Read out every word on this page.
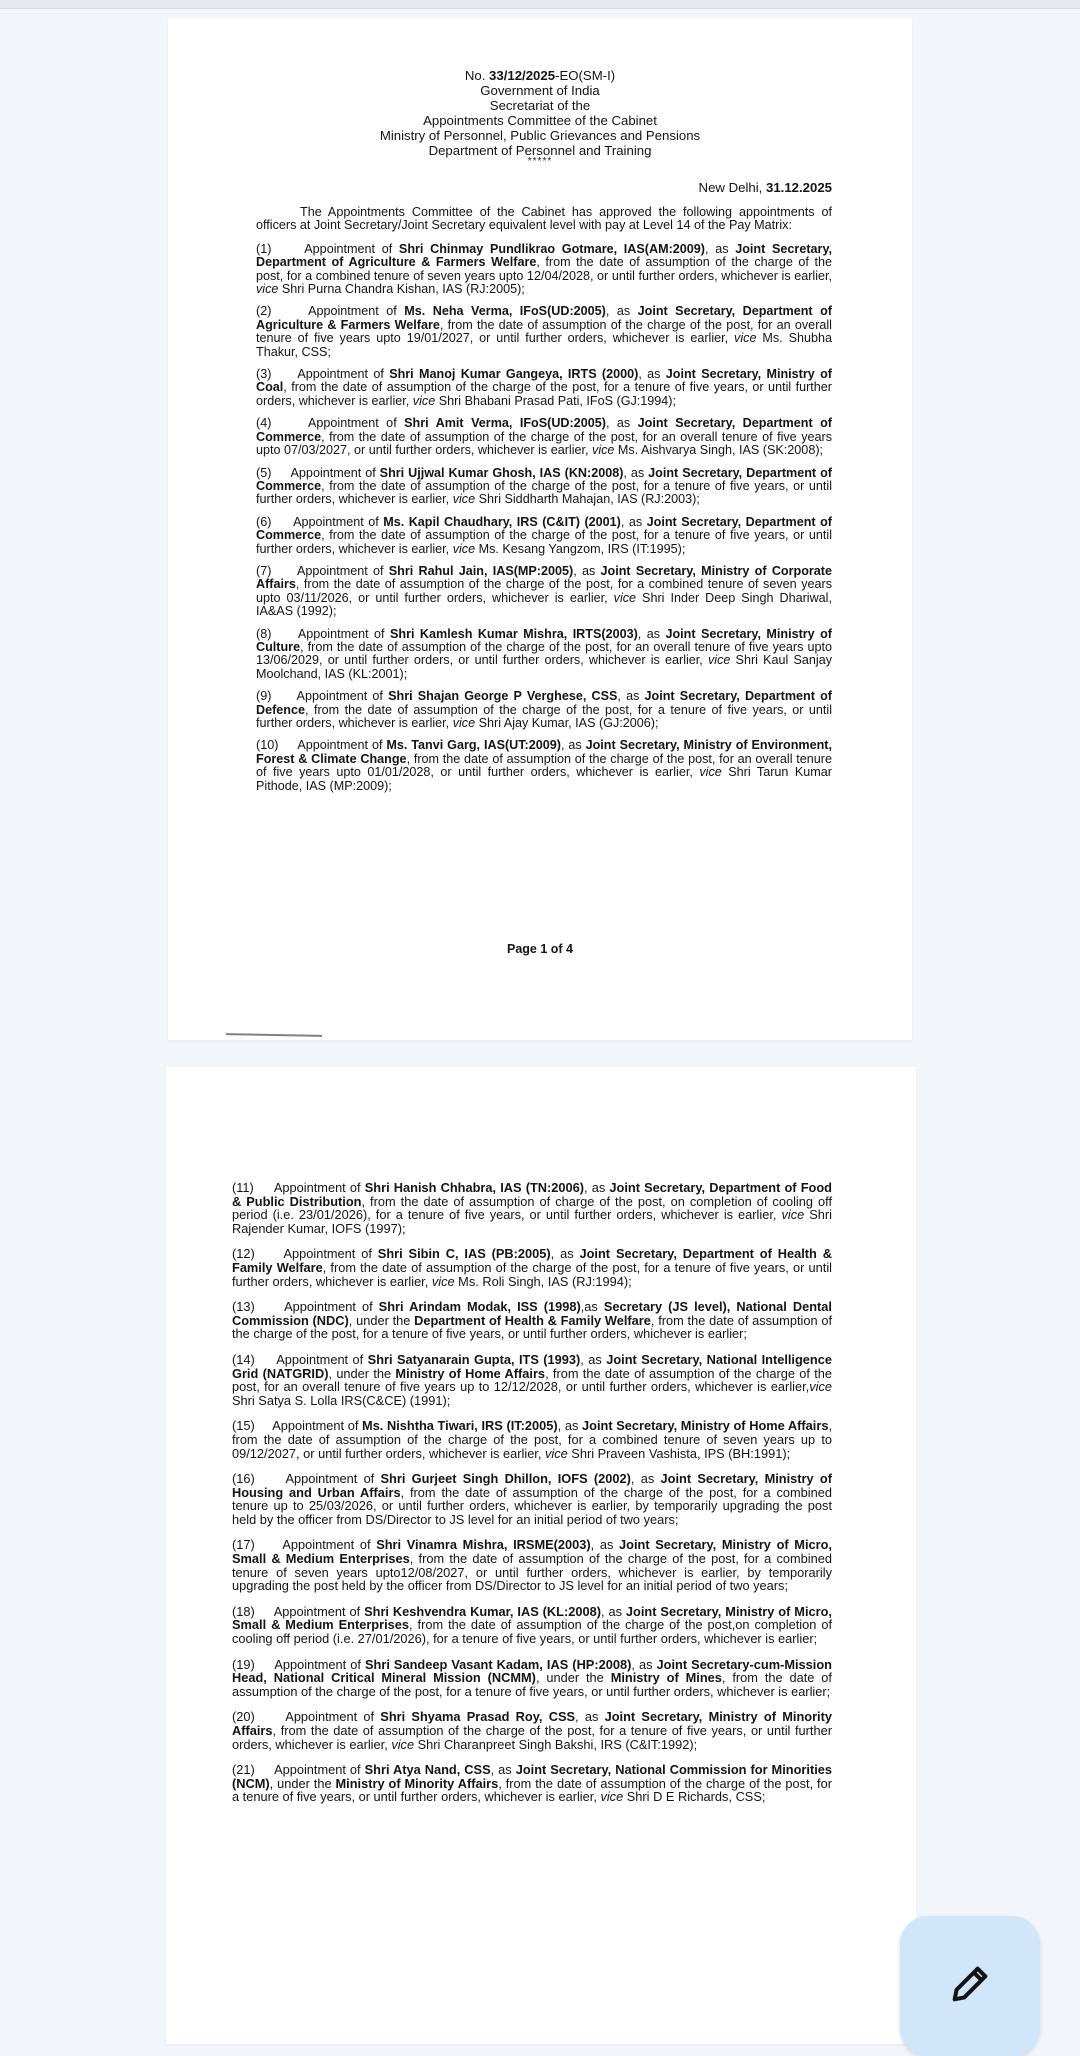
No. 33/12/2025-EO(SM-I)
Government of India
Secretariat of the
Appointments Committee of the Cabinet
Ministry of Personnel, Public Grievances and Pensions
Department of Personnel and Training
*****
New Delhi, 31.12.2025

The Appointments Committee of the Cabinet has approved the following appointments of officers at Joint Secretary/Joint Secretary equivalent level with pay at Level 14 of the Pay Matrix:

(1)	Appointment of Shri Chinmay Pundlikrao Gotmare, IAS(AM:2009), as Joint Secretary, Department of Agriculture & Farmers Welfare, from the date of assumption of the charge of the post, for a combined tenure of seven years upto 12/04/2028, or until further orders, whichever is earlier, vice Shri Purna Chandra Kishan, IAS (RJ:2005);

(2)	Appointment of Ms. Neha Verma, IFoS(UD:2005), as Joint Secretary, Department of Agriculture & Farmers Welfare, from the date of assumption of the charge of the post, for an overall tenure of five years upto 19/01/2027, or until further orders, whichever is earlier, vice Ms. Shubha Thakur, CSS;

(3) Appointment of Shri Manoj Kumar Gangeya, IRTS (2000), as Joint Secretary, Ministry of Coal, from the date of assumption of the charge of the post, for a tenure of five years, or until further orders, whichever is earlier, vice Shri Bhabani Prasad Pati, IFoS (GJ:1994);

(4)	Appointment of Shri Amit Verma, IFoS(UD:2005), as Joint Secretary, Department of Commerce, from the date of assumption of the charge of the post, for an overall tenure of five years upto 07/03/2027, or until further orders, whichever is earlier, vice Ms. Aishvarya Singh, IAS (SK:2008);

(5) Appointment of Shri Ujjwal Kumar Ghosh, IAS (KN:2008), as Joint Secretary, Department of Commerce, from the date of assumption of the charge of the post, for a tenure of five years, or until further orders, whichever is earlier, vice Shri Siddharth Mahajan, IAS (RJ:2003);

(6) Appointment of Ms. Kapil Chaudhary, IRS (C&IT) (2001), as Joint Secretary, Department of Commerce, from the date of assumption of the charge of the post, for a tenure of five years, or until further orders, whichever is earlier, vice Ms. Kesang Yangzom, IRS (IT:1995);

(7) Appointment of Shri Rahul Jain, IAS(MP:2005), as Joint Secretary, Ministry of Corporate Affairs, from the date of assumption of the charge of the post, for a combined tenure of seven years upto 03/11/2026, or until further orders, whichever is earlier, vice Shri Inder Deep Singh Dhariwal, IA&AS (1992);

(8) Appointment of Shri Kamlesh Kumar Mishra, IRTS(2003), as Joint Secretary, Ministry of Culture, from the date of assumption of the charge of the post, for an overall tenure of five years upto 13/06/2029, or until further orders, or until further orders, whichever is earlier, vice Shri Kaul Sanjay Moolchand, IAS (KL:2001);

(9) Appointment of Shri Shajan George P Verghese, CSS, as Joint Secretary, Department of Defence, from the date of assumption of the charge of the post, for a tenure of five years, or until further orders, whichever is earlier, vice Shri Ajay Kumar, IAS (GJ:2006);

(10) Appointment of Ms. Tanvi Garg, IAS(UT:2009), as Joint Secretary, Ministry of Environment, Forest & Climate Change, from the date of assumption of the charge of the post, for an overall tenure of five years upto 01/01/2028, or until further orders, whichever is earlier, vice Shri Tarun Kumar Pithode, IAS (MP:2009);

Page 1 of 4

(11) Appointment of Shri Hanish Chhabra, IAS (TN:2006), as Joint Secretary, Department of Food & Public Distribution, from the date of assumption of charge of the post, on completion of cooling off period (i.e. 23/01/2026), for a tenure of five years, or until further orders, whichever is earlier, vice Shri Rajender Kumar, IOFS (1997);

(12) Appointment of Shri Sibin C, IAS (PB:2005), as Joint Secretary, Department of Health & Family Welfare, from the date of assumption of the charge of the post, for a tenure of five years, or until further orders, whichever is earlier, vice Ms. Roli Singh, IAS (RJ:1994);

(13) Appointment of Shri Arindam Modak, ISS (1998),as Secretary (JS level), National Dental Commission (NDC), under the Department of Health & Family Welfare, from the date of assumption of the charge of the post, for a tenure of five years, or until further orders, whichever is earlier;

(14) Appointment of Shri Satyanarain Gupta, ITS (1993), as Joint Secretary, National Intelligence Grid (NATGRID), under the Ministry of Home Affairs, from the date of assumption of the charge of the post, for an overall tenure of five years up to 12/12/2028, or until further orders, whichever is earlier,vice Shri Satya S. Lolla IRS(C&CE) (1991);

(15) Appointment of Ms. Nishtha Tiwari, IRS (IT:2005), as Joint Secretary, Ministry of Home Affairs, from the date of assumption of the charge of the post, for a combined tenure of seven years up to 09/12/2027, or until further orders, whichever is earlier, vice Shri Praveen Vashista, IPS (BH:1991);

(16) Appointment of Shri Gurjeet Singh Dhillon, IOFS (2002), as Joint Secretary, Ministry of Housing and Urban Affairs, from the date of assumption of the charge of the post, for a combined tenure up to 25/03/2026, or until further orders, whichever is earlier, by temporarily upgrading the post held by the officer from DS/Director to JS level for an initial period of two years;

(17) Appointment of Shri Vinamra Mishra, IRSME(2003), as Joint Secretary, Ministry of Micro, Small & Medium Enterprises, from the date of assumption of the charge of the post, for a combined tenure of seven years upto12/08/2027, or until further orders, whichever is earlier, by temporarily upgrading the post held by the officer from DS/Director to JS level for an initial period of two years;

(18) Appointment of Shri Keshvendra Kumar, IAS (KL:2008), as Joint Secretary, Ministry of Micro, Small & Medium Enterprises, from the date of assumption of the charge of the post,on completion of cooling off period (i.e. 27/01/2026), for a tenure of five years, or until further orders, whichever is earlier;

(19) Appointment of Shri Sandeep Vasant Kadam, IAS (HP:2008), as Joint Secretary-cum-Mission Head, National Critical Mineral Mission (NCMM), under the Ministry of Mines, from the date of assumption of the charge of the post, for a tenure of five years, or until further orders, whichever is earlier;

(20) Appointment of Shri Shyama Prasad Roy, CSS, as Joint Secretary, Ministry of Minority Affairs, from the date of assumption of the charge of the post, for a tenure of five years, or until further orders, whichever is earlier, vice Shri Charanpreet Singh Bakshi, IRS (C&IT:1992);

(21) Appointment of Shri Atya Nand, CSS, as Joint Secretary, National Commission for Minorities (NCM), under the Ministry of Minority Affairs, from the date of assumption of the charge of the post, for a tenure of five years, or until further orders, whichever is earlier, vice Shri D E Richards, CSS;
